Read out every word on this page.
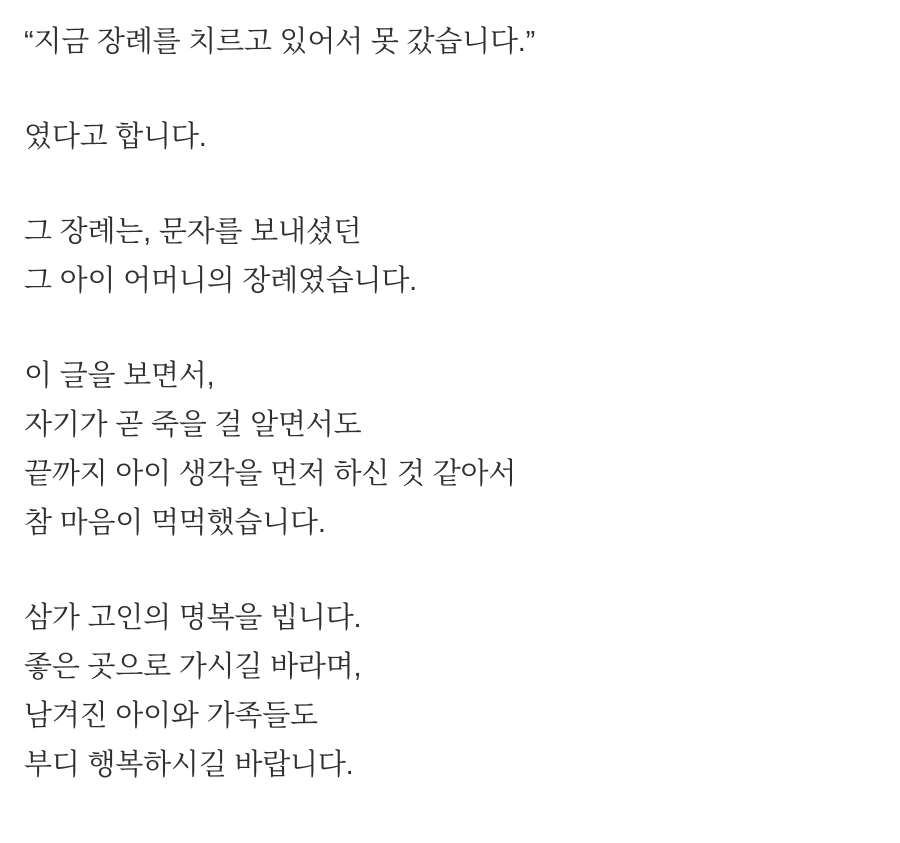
“지금 장례를 치르고 있어서 못 갔습니다.”
였다고 합니다.
그 장례는, 문자를 보내셨던
그 아이 어머니의 장례였습니다.
이 글을 보면서,
자기가 곧 죽을 걸 알면서도
끝까지 아이 생각을 먼저 하신 것 같아서
참 마음이 먹먹했습니다.
삼가 고인의 명복을 빕니다.
좋은 곳으로 가시길 바라며,
남겨진 아이와 가족들도
부디 행복하시길 바랍니다.
